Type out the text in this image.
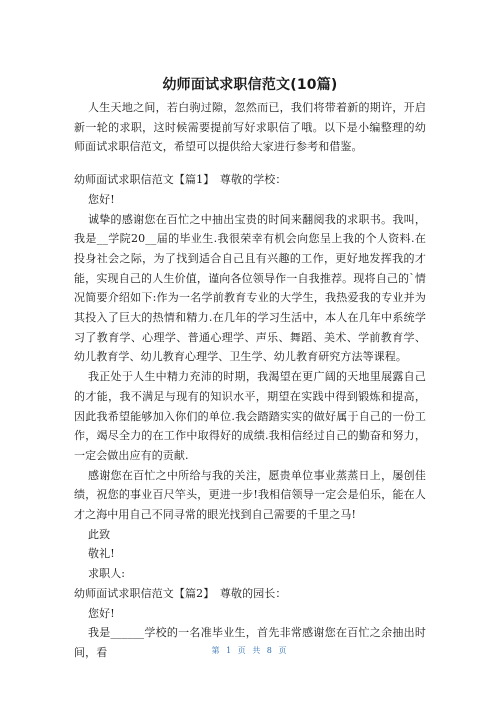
幼师面试求职信范文(10篇)

人生天地之间，若白驹过隙，忽然而已，我们将带着新的期许，开启新一轮的求职，这时候需要提前写好求职信了哦。以下是小编整理的幼师面试求职信范文，希望可以提供给大家进行参考和借鉴。

幼师面试求职信范文【篇1】　尊敬的学校：

您好!

诚挚的感谢您在百忙之中抽出宝贵的时间来翻阅我的求职书。我叫，我是__学院20__届的毕业生.我很荣幸有机会向您呈上我的个人资料.在投身社会之际，为了找到适合自己且有兴趣的工作，更好地发挥我的才能，实现自己的人生价值，谨向各位领导作一自我推荐。现将自己的`情况简要介绍如下:作为一名学前教育专业的大学生，我热爱我的专业并为其投入了巨大的热情和精力.在几年的学习生活中，本人在几年中系统学习了教育学、心理学、普通心理学、声乐、舞蹈、美术、学前教育学、幼儿教育学、幼儿教育心理学、卫生学、幼儿教育研究方法等课程。

我正处于人生中精力充沛的时期，我渴望在更广阔的天地里展露自己的才能，我不满足与现有的知识水平，期望在实践中得到锻炼和提高，因此我希望能够加入你们的单位.我会踏踏实实的做好属于自己的一份工作，竭尽全力的在工作中取得好的成绩.我相信经过自己的勤奋和努力，一定会做出应有的贡献.

感谢您在百忙之中所给与我的关注，愿贵单位事业蒸蒸日上，屡创佳绩，祝您的事业百尺竿头，更进一步!我相信领导一定会是伯乐，能在人才之海中用自己不同寻常的眼光找到自己需要的千里之马!

此致

敬礼!

求职人:

幼师面试求职信范文【篇2】　尊敬的园长：

您好!

我是______学校的一名准毕业生，首先非常感谢您在百忙之余抽出时间，看	第 1 页 共 8 页
